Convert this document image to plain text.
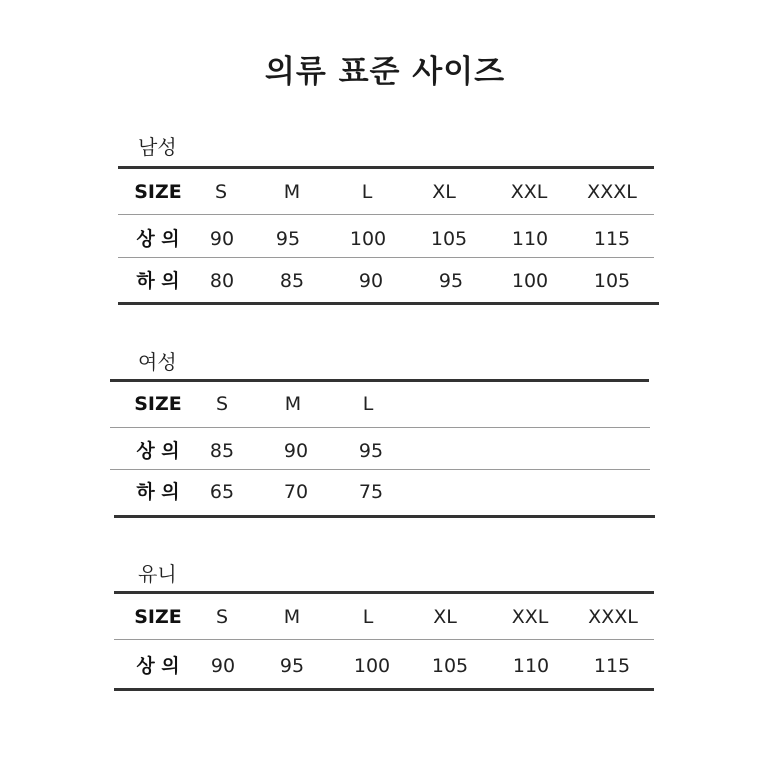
의류 표준 사이즈
남성
SIZE	S	M	L	XL	XXL	XXXL
상 의	90	95	100	105	110	115
하 의	80	85	90	95	100	105
여성
SIZE	S	M	L
상 의	85	90	95
하 의	65	70	75
유니
SIZE	S	M	L	XL	XXL	XXXL
상 의	90	95	100	105	110	115
